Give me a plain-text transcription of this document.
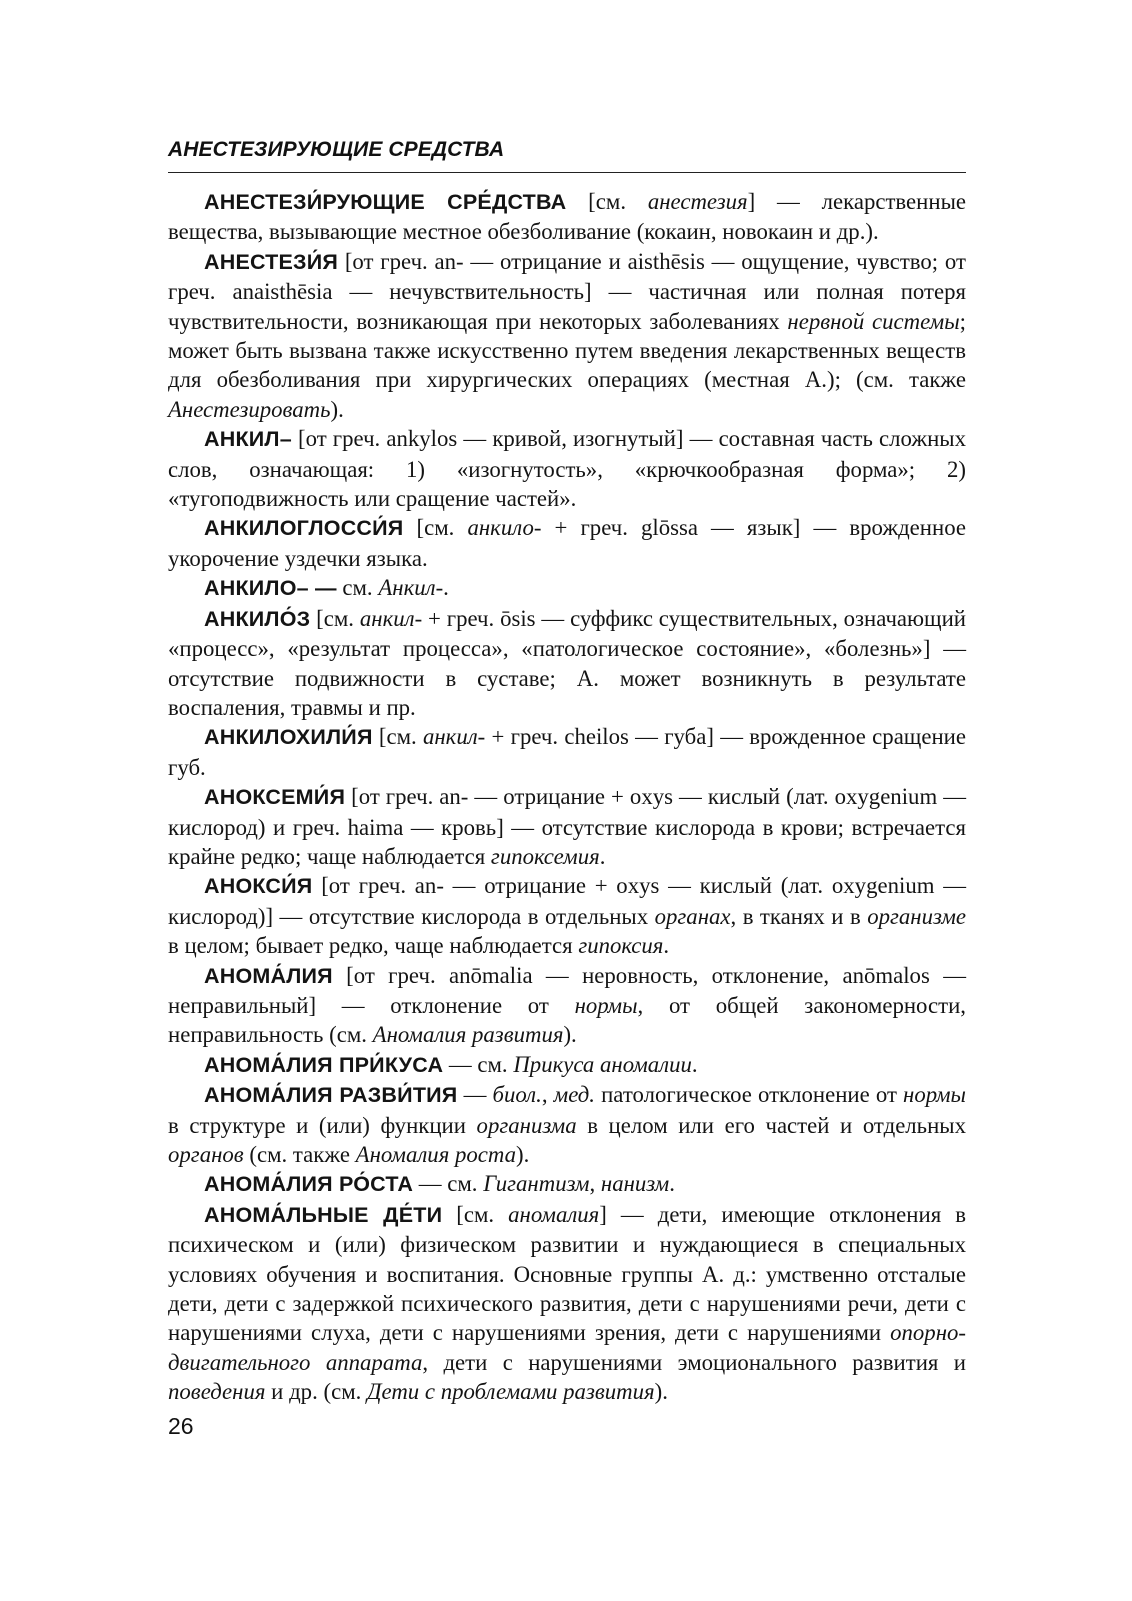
АНЕСТЕЗИРУЮЩИЕ СРЕДСТВА

АНЕСТЕЗИ́РУЮЩИЕ СРЕ́ДСТВА [см. анестезия] — лекарственные вещества, вызывающие местное обезболивание (кокаин, новокаин и др.).

АНЕСТЕЗИ́Я [от греч. an- — отрицание и aisthēsis — ощущение, чувство; от греч. anaisthēsia — нечувствительность] — частичная или полная потеря чувствительности, возникающая при некоторых заболеваниях нервной системы; может быть вызвана также искусственно путем введения лекарственных веществ для обезболивания при хирургических операциях (местная А.); (см. также Анестезировать).

АНКИЛ– [от греч. ankylos — кривой, изогнутый] — составная часть сложных слов, означающая: 1) «изогнутость», «крючкообразная форма»; 2) «тугоподвижность или сращение частей».

АНКИЛОГЛОССИ́Я [см. анкило- + греч. glōssa — язык] — врожденное укорочение уздечки языка.

АНКИЛО– — см. Анкил-.

АНКИЛО́З [см. анкил- + греч. ōsis — суффикс существительных, означающий «процесс», «результат процесса», «патологическое состояние», «болезнь»] — отсутствие подвижности в суставе; А. может возникнуть в результате воспаления, травмы и пр.

АНКИЛОХИЛИ́Я [см. анкил- + греч. cheilos — губа] — врожденное сращение губ.

АНОКСЕМИ́Я [от греч. an- — отрицание + oxys — кислый (лат. oxygenium — кислород) и греч. haima — кровь] — отсутствие кислорода в крови; встречается крайне редко; чаще наблюдается гипоксемия.

АНОКСИ́Я [от греч. an- — отрицание + oxys — кислый (лат. oxygenium — кислород)] — отсутствие кислорода в отдельных органах, в тканях и в организме в целом; бывает редко, чаще наблюдается гипоксия.

АНОМА́ЛИЯ [от греч. anōmalia — неровность, отклонение, anōmalos — неправильный] — отклонение от нормы, от общей закономерности, неправильность (см. Аномалия развития).

АНОМА́ЛИЯ ПРИ́КУСА — см. Прикуса аномалии.

АНОМА́ЛИЯ РАЗВИ́ТИЯ — биол., мед. патологическое отклонение от нормы в структуре и (или) функции организма в целом или его частей и отдельных органов (см. также Аномалия роста).

АНОМА́ЛИЯ РО́СТА — см. Гигантизм, нанизм.

АНОМА́ЛЬНЫЕ ДЕ́ТИ [см. аномалия] — дети, имеющие отклонения в психическом и (или) физическом развитии и нуждающиеся в специальных условиях обучения и воспитания. Основные группы А. д.: умственно отсталые дети, дети с задержкой психического развития, дети с нарушениями речи, дети с нарушениями слуха, дети с нарушениями зрения, дети с нарушениями опорно-двигательного аппарата, дети с нарушениями эмоционального развития и поведения и др. (см. Дети с проблемами развития).

26
